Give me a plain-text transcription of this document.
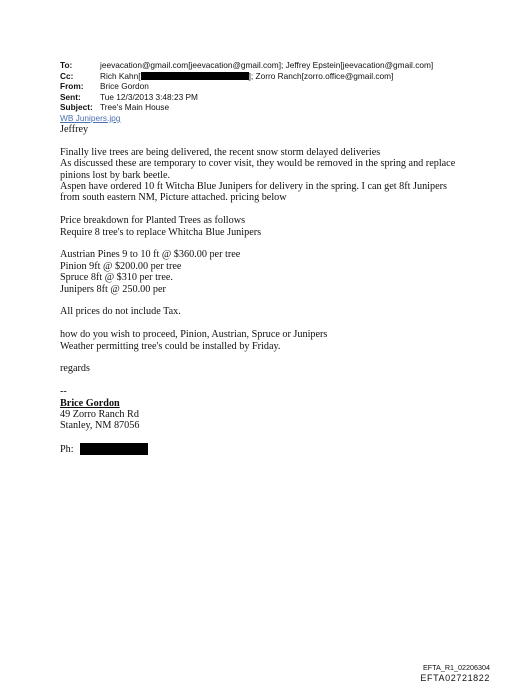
To:	jeevacation@gmail.com[jeevacation@gmail.com]; Jeffrey Epstein[jeevacation@gmail.com]
Cc:	Rich Kahn[	]; Zorro Ranch[zorro.office@gmail.com]
From:	Brice Gordon
Sent:	Tue 12/3/2013 3:48:23 PM
Subject: Tree's Main House
WB Junipers.jpg
Jeffrey
Finally live trees are being delivered, the recent snow storm delayed deliveries
As discussed these are temporary to cover visit, they would be removed in the spring and replace
pinions lost by bark beetle.
Aspen have ordered 10 ft Witcha Blue Junipers for delivery in the spring. I can get 8ft Junipers
from south eastern NM, Picture attached. pricing below
Price breakdown for Planted Trees as follows
Require 8 tree's to replace Whitcha Blue Junipers
Austrian Pines 9 to 10 ft @ $360.00 per tree
Pinion 9ft @ $200.00 per tree
Spruce 8ft @ $310 per tree.
Junipers 8ft @ 250.00 per
All prices do not include Tax.
how do you wish to proceed, Pinion, Austrian, Spruce or Junipers
Weather permitting tree's could be installed by Friday.
regards
--
Brice Gordon
49 Zorro Ranch Rd
Stanley, NM 87056
Ph:
EFTA_R1_02206304
EFTA02721822
